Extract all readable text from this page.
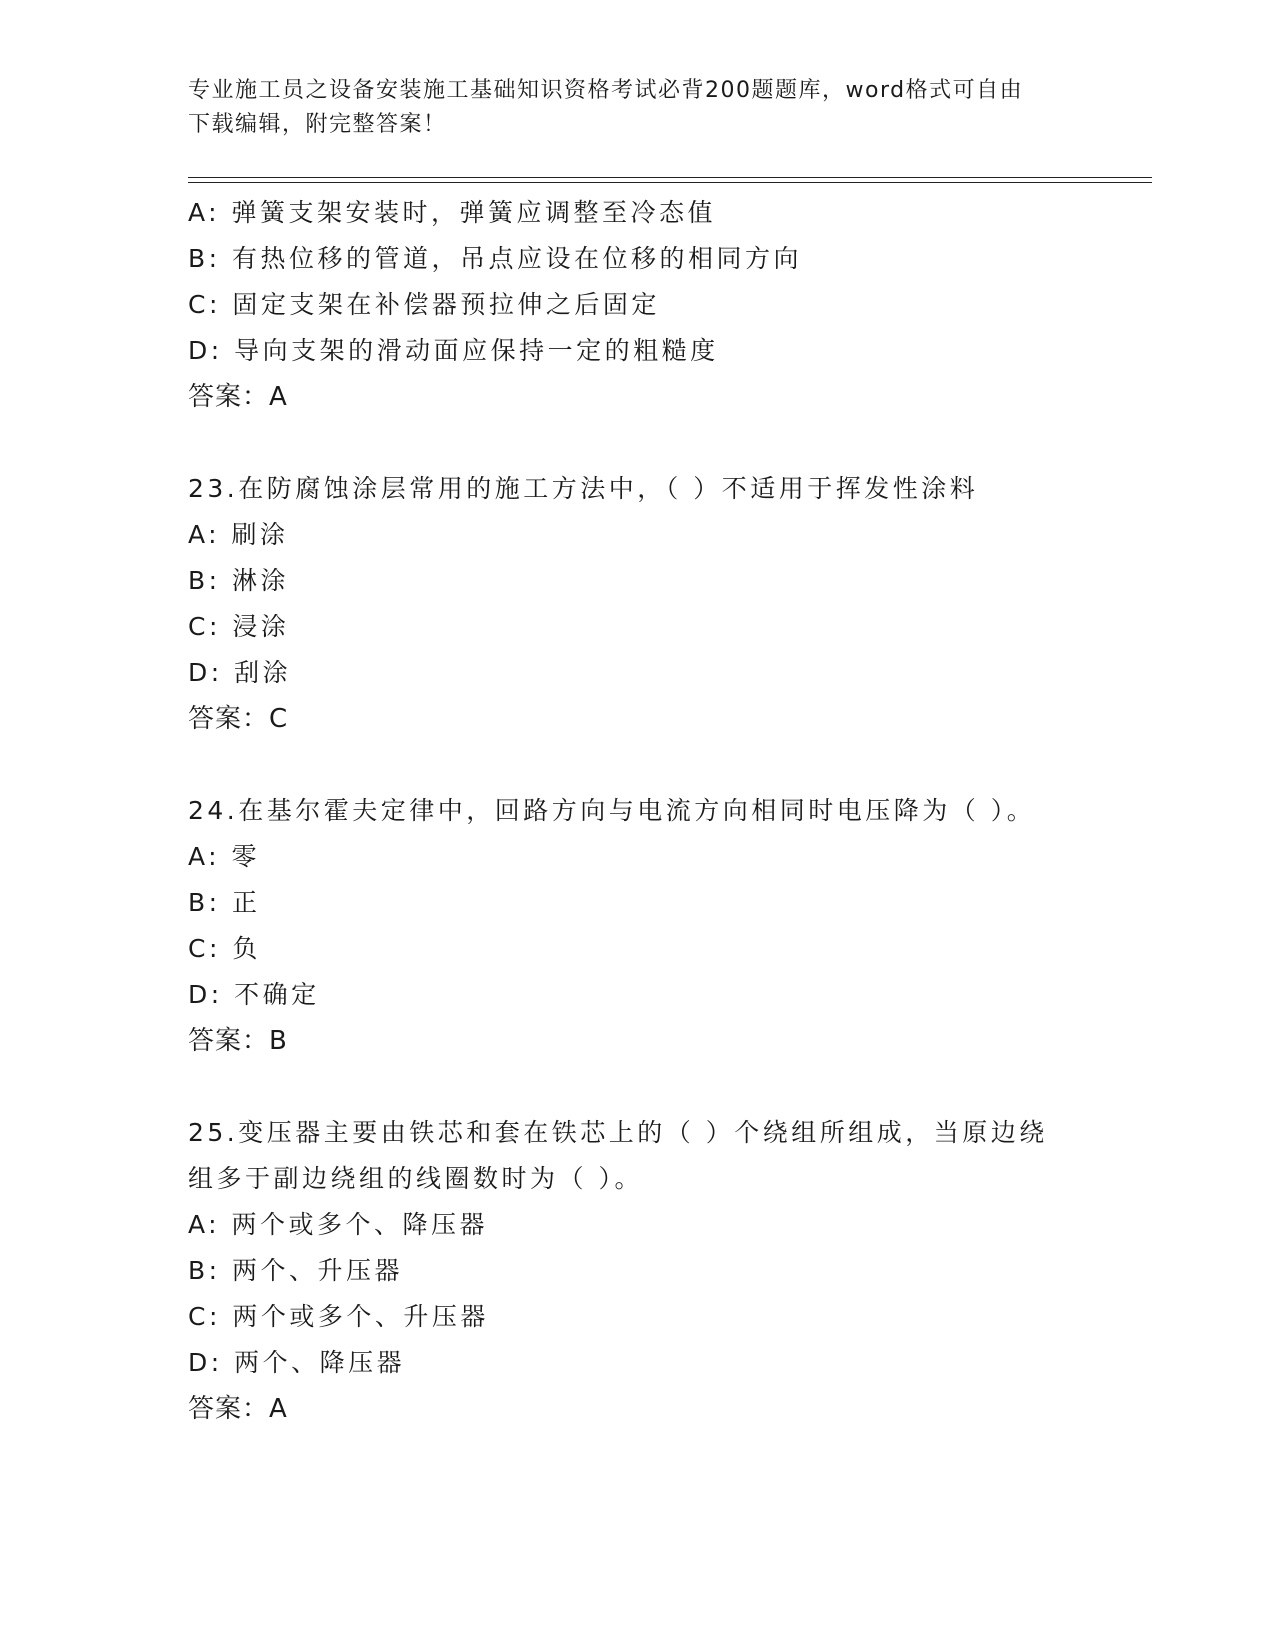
专业施工员之设备安装施工基础知识资格考试必背200题题库，word格式可自由
下载编辑，附完整答案！
A: 弹簧支架安装时，弹簧应调整至冷态值
B: 有热位移的管道，吊点应设在位移的相同方向
C: 固定支架在补偿器预拉伸之后固定
D: 导向支架的滑动面应保持一定的粗糙度
答案：A
23.在防腐蚀涂层常用的施工方法中，（ ）不适用于挥发性涂料
A: 刷涂
B: 淋涂
C: 浸涂
D: 刮涂
答案：C
24.在基尔霍夫定律中，回路方向与电流方向相同时电压降为（ ）。
A: 零
B: 正
C: 负
D: 不确定
答案：B
25.变压器主要由铁芯和套在铁芯上的（ ）个绕组所组成，当原边绕
组多于副边绕组的线圈数时为（ ）。
A: 两个或多个、降压器
B: 两个、升压器
C: 两个或多个、升压器
D: 两个、降压器
答案：A
